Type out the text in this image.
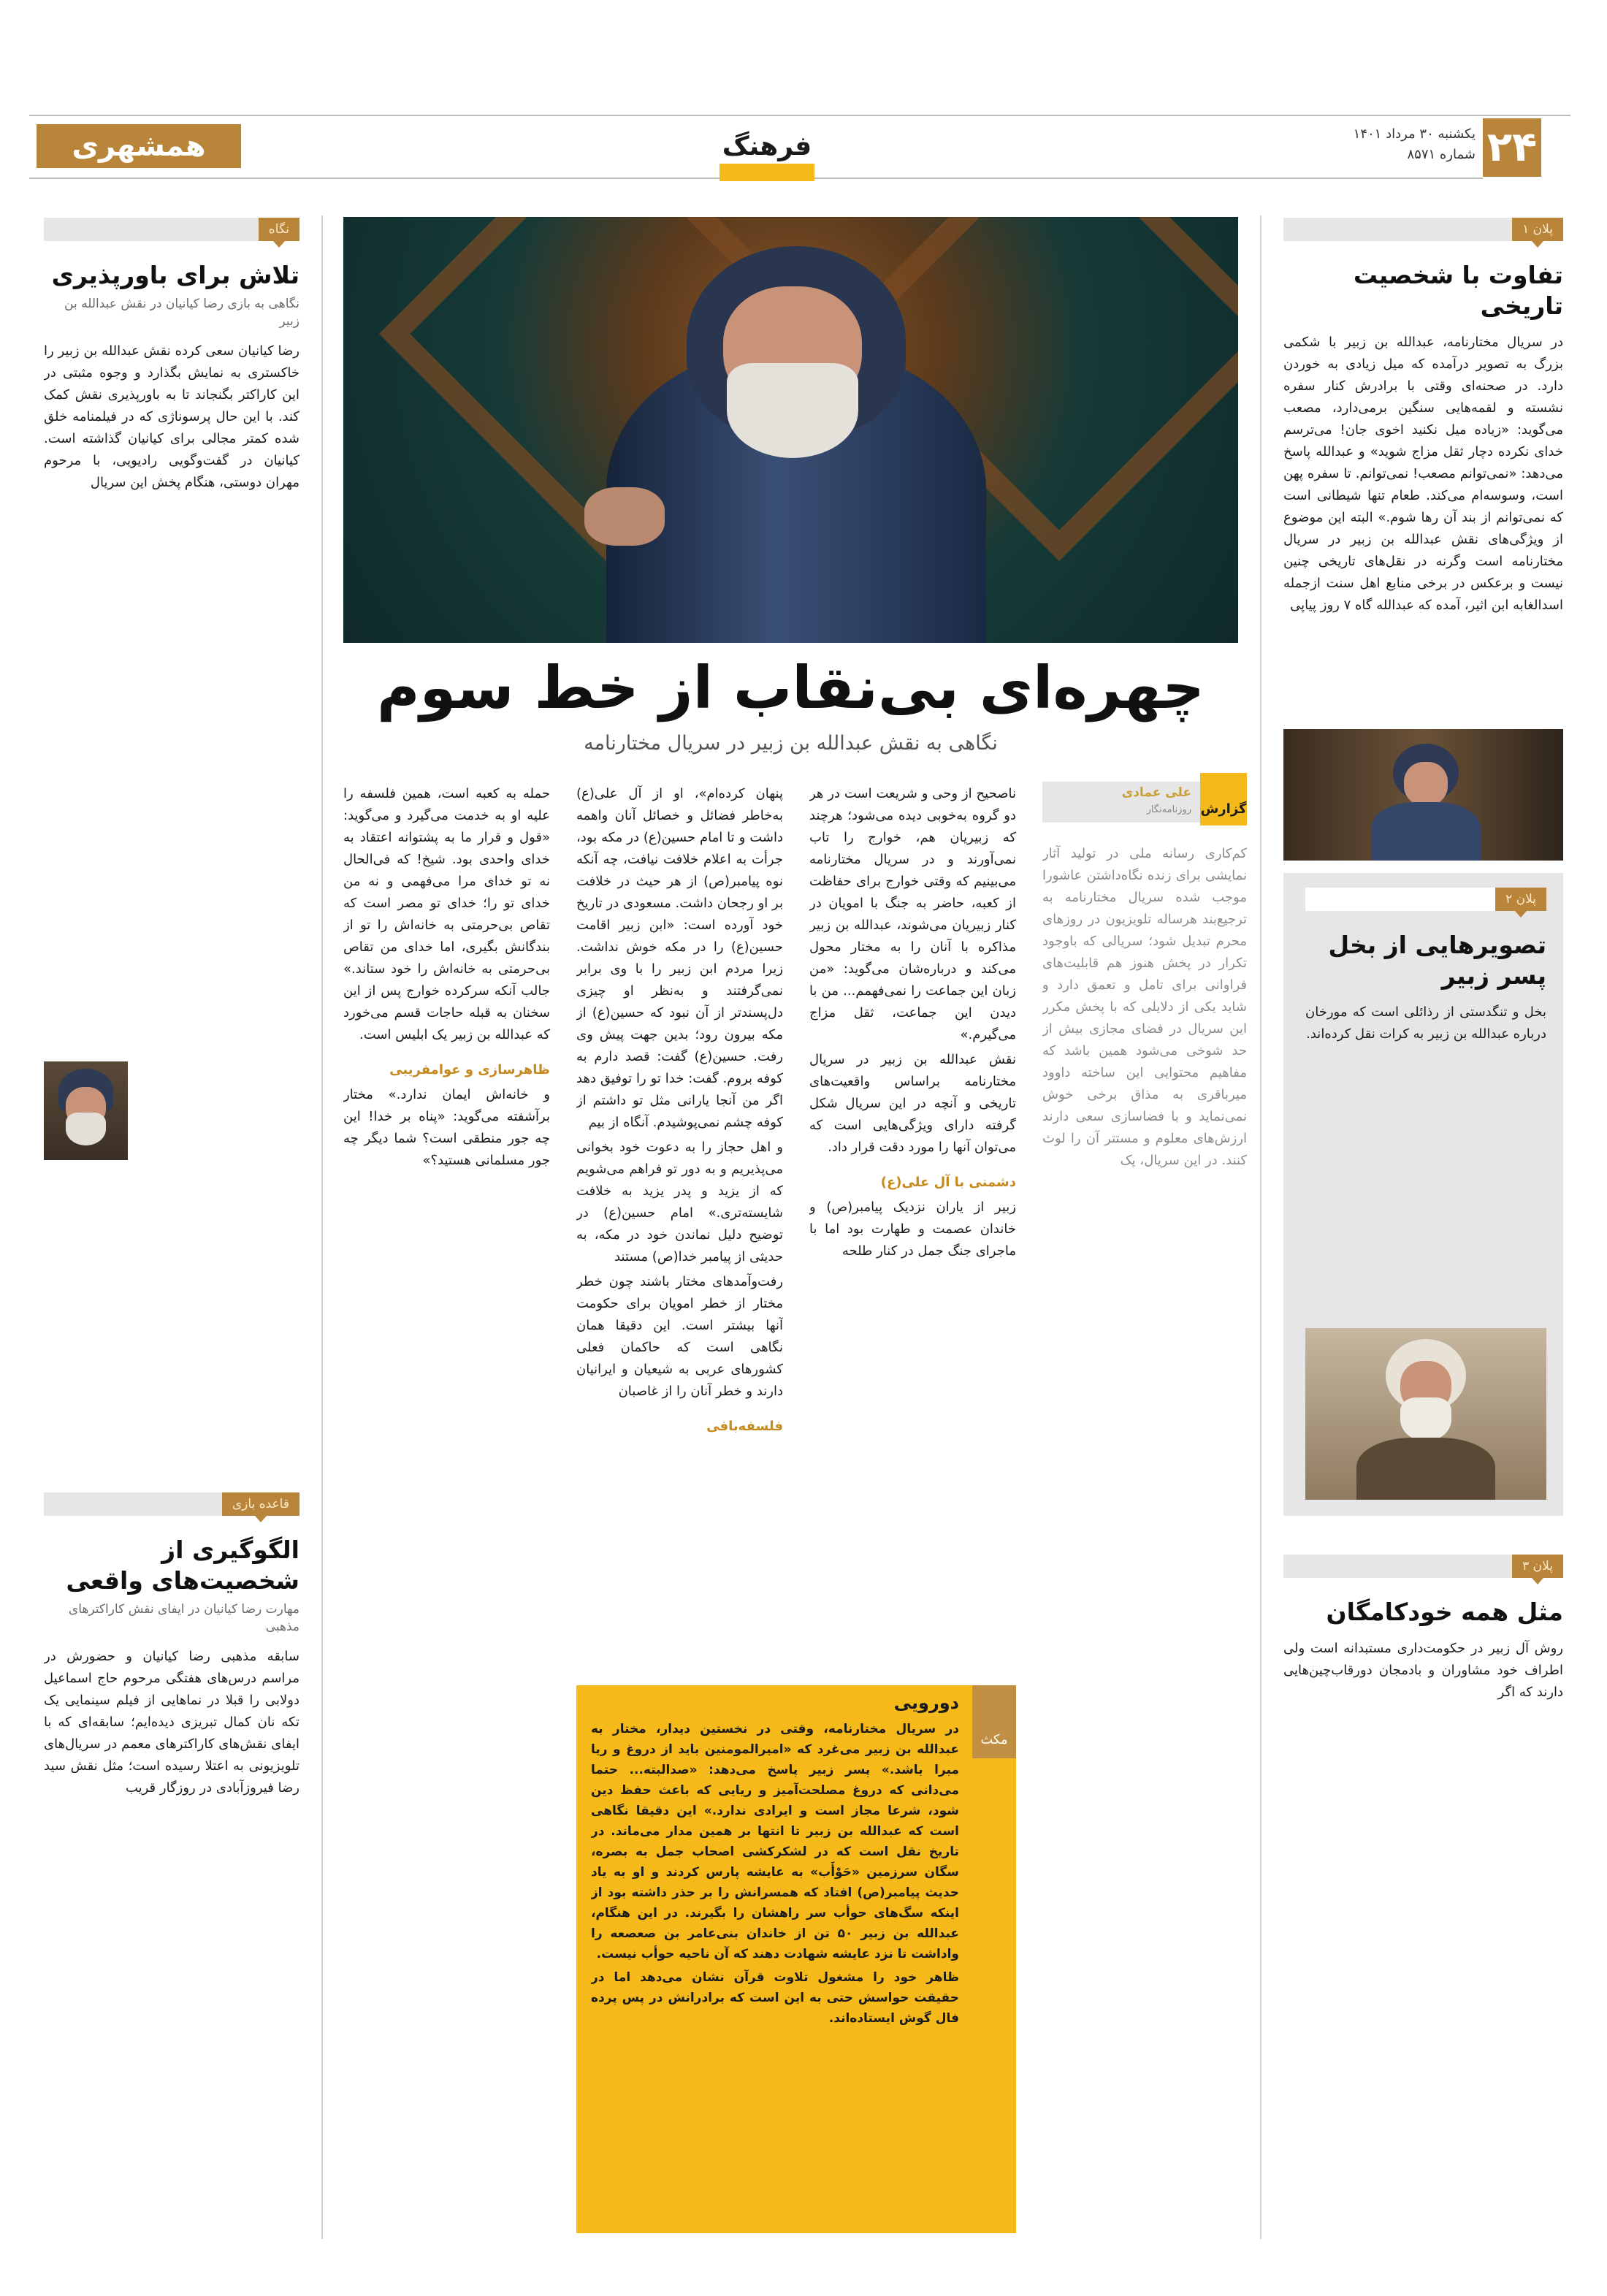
همشهری	فرهنگ	۲۴
یکشنبه ۳۰ مرداد ۱۴۰۱
شماره ۸۵۷۱
چهره‌ای بی‌نقاب از خط سوم
نگاهی به نقش عبدالله بن زبیر در سریال مختارنامه

حمله به کعبه است، همین فلسفه را علیه او به خدمت می‌گیرد و می‌گوید: «قول و قرار ما به پشتوانه اعتقاد به خدای واحدی بود. شیخ! که فی‌الحال نه تو خدای مرا می‌فهمی و نه من خدای تو را؛ خدای تو مصر است که تقاص بی‌حرمتی به خانه‌اش را تو از بندگانش بگیری، اما خدای من تقاص بی‌حرمتی به خانه‌اش را خود ستاند.» جالب آنکه سرکرده خوارج پس از این سخنان به قبله حاجات قسم می‌خورد که عبدالله بن زبیر یک ابلیس است.

ظاهرسازی و عوامفریبی

و خانه‌اش ایمان ندارد.» مختار برآشفته می‌گوید: «پناه بر خدا! این چه جور منطقی است؟ شما دیگر چه جور مسلمانی هستید؟»

پنهان کرده‌ام»، او از آل علی(ع) به‌خاطر فضائل و خصائل آنان واهمه داشت و تا امام حسین(ع) در مکه بود، جرأت به اعلام خلافت نیافت، چه آنکه نوه پیامبر(ص) از هر حیث در خلافت بر او رجحان داشت. مسعودی در تاریخ خود آورده است: «ابن زبیر اقامت حسین(ع) را در مکه خوش نداشت. زیرا مردم ابن زبیر را با وی برابر نمی‌گرفتند و به‌نظر او چیزی دل‌پسندتر از آن نبود که حسین(ع) از مکه بیرون رود؛ بدین جهت پیش وی رفت. حسین(ع) گفت: قصد دارم به کوفه بروم. گفت: خدا تو را توفیق دهد اگر من آنجا یارانی مثل تو داشتم از کوفه چشم نمی‌پوشیدم. آنگاه از بیم

و اهل حجاز را به دعوت خود بخوانی می‌پذیریم و به دور تو فراهم می‌شویم که از یزید و پدر یزید به خلافت شایسته‌تری.» امام حسین(ع) در توضیح دلیل نماندن خود در مکه، به حدیثی از پیامبر خدا(ص) مستند

رفت‌وآمدهای مختار باشند چون خطر مختار از خطر امویان برای حکومت آنها بیشتر است. این دقیقا همان نگاهی است که حاکمان فعلی کشورهای عربی به شیعیان و ایرانیان دارند و خطر آنان را از غاصبان

فلسفه‌بافی

ناصحیح از وحی و شریعت است در هر دو گروه به‌خوبی دیده می‌شود؛ هرچند که زبیریان هم، خوارج را تاب نمی‌آورند و در سریال مختارنامه می‌بینیم که وقتی خوارج برای حفاظت از کعبه، حاضر به جنگ با امویان در کنار زبیریان می‌شوند، عبدالله بن زبیر مذاکره با آنان را به مختار محول می‌کند و درباره‌شان می‌گوید: «من زبان این جماعت را نمی‌فهمم... من با دیدن این جماعت، ثقل مزاج می‌گیرم.»

نقش عبدالله بن زبیر در سریال مختارنامه براساس واقعیت‌های تاریخی و آنچه در این سریال شکل گرفته دارای ویژگی‌هایی است که می‌توان آنها را مورد دقت قرار داد.

دشمنی با آل علی(ع)

زبیر از یاران نزدیک پیامبر(ص) و خاندان عصمت و طهارت بود اما با ماجرای جنگ جمل در کنار طلحه

گزارش
علی عمادی
روزنامه‌نگار

کم‌کاری رسانه ملی در تولید آثار نمایشی برای زنده نگاه‌داشتن عاشورا موجب شده سریال مختارنامه به ترجیع‌بند هرساله تلویزیون در روزهای محرم تبدیل شود؛ سریالی که باوجود تکرار در پخش هنوز هم قابلیت‌های فراوانی برای تامل و تعمق دارد و شاید یکی از دلایلی که با پخش مکرر این سریال در فضای مجازی بیش از حد شوخی می‌شود همین باشد که مفاهیم محتوایی این ساخته داوود میرباقری به مذاق برخی خوش نمی‌نماید و با فضاسازی سعی دارند ارزش‌های معلوم و مستتر آن را لوث کنند. در این سریال، یک

مکث
دورویی

در سریال مختارنامه، وقتی در نخستین دیدار، مختار به عبدالله بن زبیر می‌غرد که «امیرالمومنین باید از دروغ و ریا مبرا باشد.» پسر زبیر پاسخ می‌دهد: «صدالبته... حتما می‌دانی که دروغ مصلحت‌آمیز و ریایی که باعث حفظ دین شود، شرعا مجاز است و ایرادی ندارد.» این دقیقا نگاهی است که عبدالله بن زبیر تا انتها بر همین مدار می‌ماند. در تاریخ نقل است که در لشکرکشی اصحاب جمل به بصره، سگان سرزمین «حَوْأَب» به عایشه پارس کردند و او به یاد حدیث پیامبر(ص) افتاد که همسرانش را بر حذر داشته بود از اینکه سگ‌های حوأب سر راهشان را بگیرند. در این هنگام، عبدالله بن زبیر ۵۰ تن از خاندان بنی‌عامر بن صعصعه را واداشت تا نزد عایشه شهادت دهند که آن ناحیه حوأب نیست.

ظاهر خود را مشغول تلاوت قرآن نشان می‌دهد اما در حقیقت حواسش حتی به این است که برادرانش در پس پرده فال گوش ایستاده‌اند.

نگاه
تلاش برای باورپذیری
نگاهی به بازی رضا کیانیان در نقش عبدالله بن زبیر

رضا کیانیان سعی کرده نقش عبدالله بن زبیر را خاکستری به نمایش بگذارد و وجوه مثبتی در این کاراکتر بگنجاند تا به باورپذیری نقش کمک کند. با این حال پرسوناژی که در فیلمنامه خلق شده کمتر مجالی برای کیانیان گذاشته است. کیانیان در گفت‌وگویی رادیویی، با مرحوم مهران دوستی، هنگام پخش این سریال

قاعده بازی
الگوگیری از شخصیت‌های واقعی
مهارت رضا کیانیان در ایفای نقش کاراکترهای مذهبی

سابقه مذهبی رضا کیانیان و حضورش در مراسم درس‌های هفتگی مرحوم حاج اسماعیل دولابی را قبلا در نماهایی از فیلم سینمایی یک تکه نان کمال تبریزی دیده‌ایم؛ سابقه‌ای که با ایفای نقش‌های کاراکترهای معمم در سریال‌های تلویزیونی به اعتلا رسیده است؛ مثل نقش سید رضا فیروزآبادی در روزگار قریب

پلان ۱
تفاوت با شخصیت تاریخی

در سریال مختارنامه، عبدالله بن زبیر با شکمی بزرگ به تصویر درآمده که میل زیادی به خوردن دارد. در صحنه‌ای وقتی با برادرش کنار سفره نشسته و لقمه‌هایی سنگین برمی‌دارد، مصعب می‌گوید: «زیاده میل نکنید اخوی جان! می‌ترسم خدای نکرده دچار ثقل مزاج شوید» و عبدالله پاسخ می‌دهد: «نمی‌توانم مصعب! نمی‌توانم. تا سفره پهن است، وسوسه‌ام می‌کند. طعام تنها شیطانی است که نمی‌توانم از بند آن رها شوم.» البته این موضوع از ویژگی‌های نقش عبدالله بن زبیر در سریال مختارنامه است وگرنه در نقل‌های تاریخی چنین نیست و برعکس در برخی منابع اهل سنت ازجمله اسدالغابه ابن اثیر، آمده که عبدالله گاه ۷ روز پیاپی

پلان ۲
تصویرهایی از بخل پسر زبیر

بخل و تنگدستی از رذائلی است که مورخان درباره عبدالله بن زبیر به کرات نقل کرده‌اند.

پلان ۳
مثل همه خودکامگان

روش آل زبیر در حکومت‌داری مستبدانه است ولی اطراف خود مشاوران و بادمجان دورقاب‌چین‌هایی دارند که اگر
